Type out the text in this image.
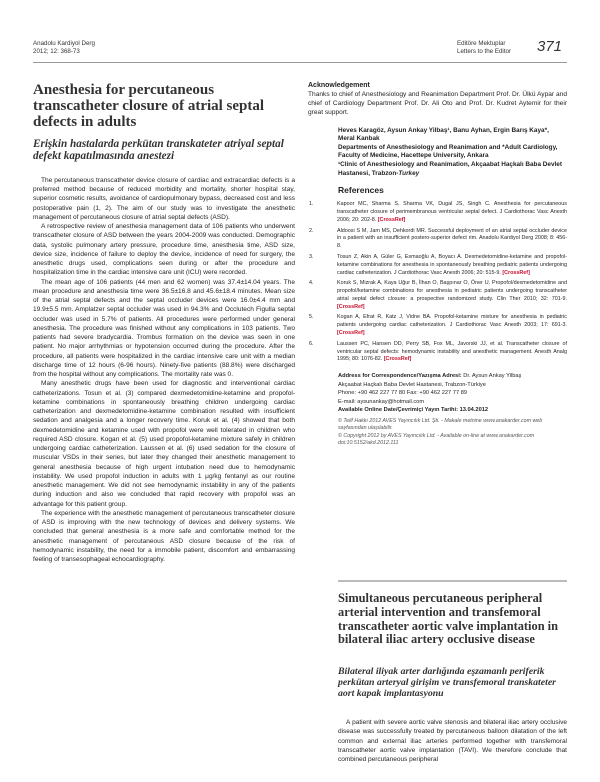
Anadolu Kardiyol Derg
2012; 12: 368-73
Editöre Mektuplar
Letters to the Editor 371
Anesthesia for percutaneous transcatheter closure of atrial septal defects in adults
Erişkin hastalarda perkütan transkateter atriyal septal defekt kapatılmasında anestezi

The percutaneous transcatheter device closure of cardiac and extracardiac defects is a preferred method because of reduced morbidity and mortality, shorter hospital stay, superior cosmetic results, avoidance of cardiopulmonary bypass, decreased cost and less postoperative pain (1, 2). The aim of our study was to investigate the anesthetic management of percutaneous closure of atrial septal defects (ASD).

A retrospective review of anesthesia management data of 106 patients who underwent transcatheter closure of ASD between the years 2004-2009 was conducted. Demographic data, systolic pulmonary artery pressure, procedure time, anesthesia time, ASD size, device size, incidence of failure to deploy the device, incidence of need for surgery, the anesthetic drugs used, complications seen during or after the procedure and hospitalization time in the cardiac intensive care unit (ICU) were recorded.

The mean age of 106 patients (44 men and 62 women) was 37.4±14.04 years. The mean procedure and anesthesia time were 36.5±16.8 and 45.6±18.4 minutes. Mean size of the atrial septal defects and the septal occluder devices were 16.0±4.4 mm and 19.9±5.5 mm. Amplatzer septal occluder was used in 94.3% and Occlutech Figulla septal occluder was used in 5.7% of patients. All procedures were performed under general anesthesia. The procedure was finished without any complications in 103 patients. Two patients had severe bradycardia. Trombus formation on the device was seen in one patient. No major arrhythmias or hypotension occurred during the procedure. After the procedure, all patients were hospitalized in the cardiac intensive care unit with a median discharge time of 12 hours (6-96 hours). Ninety-five patients (88.8%) were discharged from the hospital without any complications. The mortality rate was 0.

Many anesthetic drugs have been used for diagnostic and interventional cardiac catheterizations. Tosun et al. (3) compared dexmedetomidine-ketamine and propofol-ketamine combinations in spontaneously breathing children undergoing cardiac catheterization and dexmedetomidine-ketamine combination resulted with insufficient sedation and analgesia and a longer recovery time. Koruk et al. (4) showed that both dexmedetomidine and ketamine used with propofol were well tolerated in children who required ASD closure. Kogan et al. (5) used propofol-ketamine mixture safely in children undergoing cardiac catheterization. Laussen et al. (6) used sedation for the closure of muscular VSDs in their series, but later they changed their anesthetic management to general anesthesia because of high urgent intubation need due to hemodynamic instability. We used propofol induction in adults with 1 μg/kg fentanyl as our routine anesthetic management. We did not see hemodynamic instability in any of the patients during induction and also we concluded that rapid recovery with propofol was an advantage for this patient group.

The experience with the anesthetic management of percutaneous transcatheter closure of ASD is improving with the new technology of devices and delivery systems. We concluded that general anesthesia is a more safe and comfortable method for the anesthetic management of percutaneous ASD closure because of the risk of hemodynamic instability, the need for a immobile patient, discomfort and embarrassing feeling of transesophageal echocardiography.

Acknowledgement

Thanks to chief of Anesthesiology and Reanimation Department Prof. Dr. Ülkü Aypar and chief of Cardiology Department Prof. Dr. Ali Oto and Prof. Dr. Kudret Aytemir for their great support.

Heves Karagöz, Aysun Ankay Yilbaş¹, Banu Ayhan, Ergin Barış Kaya*, Meral Kanbak

Departments of Anesthesiology and Reanimation and *Adult Cardiology, Faculty of Medicine, Hacettepe University, Ankara

¹Clinic of Anesthesiology and Reanimation, Akçaabat Haçkalı Baba Devlet Hastanesi, Trabzon-Turkey

References
1.	Kapoor MC, Sharma S, Sharma VK, Dugal JS, Singh C. Anesthesia for percutaneous transcatheter closure of perimembranous ventricular septal defect. J Cardiothorac Vasc Anesth 2006; 20: 202-8. [CrossRef]
2.	Aldoosi S M, Jam MS, Dehkordi MR. Successful deployment of an atrial septal occluder device in a patient with an insufficient postero-superior defect rim. Anadolu Kardiyol Derg 2008; 8: 456-8.
3.	Tosun Z, Akin A, Güler G, Esmaoğlu A, Boyacı A. Dexmedetomidine-ketamine and propofol-ketamine combinations for anesthesia in spontaneously breathing pediatric patients undergoing cardiac catheterization. J Cardiothorac Vasc Anesth 2006; 20: 515-9. [CrossRef]
4.	Koruk S, Mizrak A, Kaya Uğur B, İlhan O, Başpınar O, Öner U. Propofol/dexmedetomidine and propofol/ketamine combinations for anesthesia in pediatric patients undergoing transcatheter atrial septal defect closure: a prospective randomized study. Clin Ther 2010; 32: 701-9. [CrossRef]
5.	Kogan A, Efrat R, Katz J, Vidne BA. Propofol-ketamine mixture for anesthesia in pediatric patients undergoing cardiac catheterization. J Cardiothorac Vasc Anesth 2003; 17: 691-3. [CrossRef]
6.	Laussen PC, Hansen DD, Perry SB, Fox ML, Javorski JJ, et al. Transcatheter closure of ventricular septal defects: hemodynamic instability and anesthetic management. Anesth Analg 1995; 80: 1076-82. [CrossRef]
Address for Correspondence/Yazışma Adresi: Dr. Aysun Ankay Yilbaş
Akçaabat Haçkalı Baba Devlet Hastanesi, Trabzon-Türkiye
Phone: +90 462 227 77 80 Fax: +90 462 227 77 89
E-mail: aysunankay@hotmail.com
Available Online Date/Çevrimiçi Yayın Tarihi: 13.04.2012

© Telif Hakkı 2012 AVES Yayıncılık Ltd. Şti. - Makale metnine www.anakarder.com web

sayfasından ulaşılabilir.

© Copyright 2012 by AVES Yayıncılık Ltd. - Available on-line at www.anakarder.com

doi:10.5152/akd.2012.111

Simultaneous percutaneous peripheral arterial intervention and transfemoral transcatheter aortic valve implantation in bilateral iliac artery occlusive disease
Bilateral iliyak arter darlığında eşzamanlı periferik perkütan arteryal girişim ve transfemoral transkateter aort kapak implantasyonu

A patient with severe aortic valve stenosis and bilateral iliac artery occlusive disease was successfully treated by percutaneous balloon dilatation of the left common and external iliac arteries performed together with transfemoral transcatheter aortic valve implantation (TAVI). We therefore conclude that combined percutaneous peripheral
